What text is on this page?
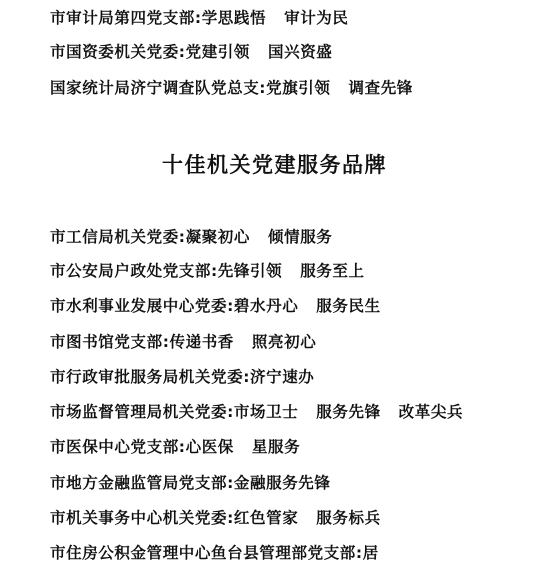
市审计局第四党支部:学思践悟   审计为民
市国资委机关党委:党建引领   国兴资盛
国家统计局济宁调查队党总支:党旗引领   调查先锋
十佳机关党建服务品牌
市工信局机关党委:凝聚初心   倾情服务
市公安局户政处党支部:先锋引领   服务至上
市水利事业发展中心党委:碧水丹心   服务民生
市图书馆党支部:传递书香   照亮初心
市行政审批服务局机关党委:济宁速办
市场监督管理局机关党委:市场卫士   服务先锋   改革尖兵
市医保中心党支部:心医保   星服务
市地方金融监管局党支部:金融服务先锋
市机关事务中心机关党委:红色管家   服务标兵
市住房公积金管理中心鱼台县管理部党支部:居
